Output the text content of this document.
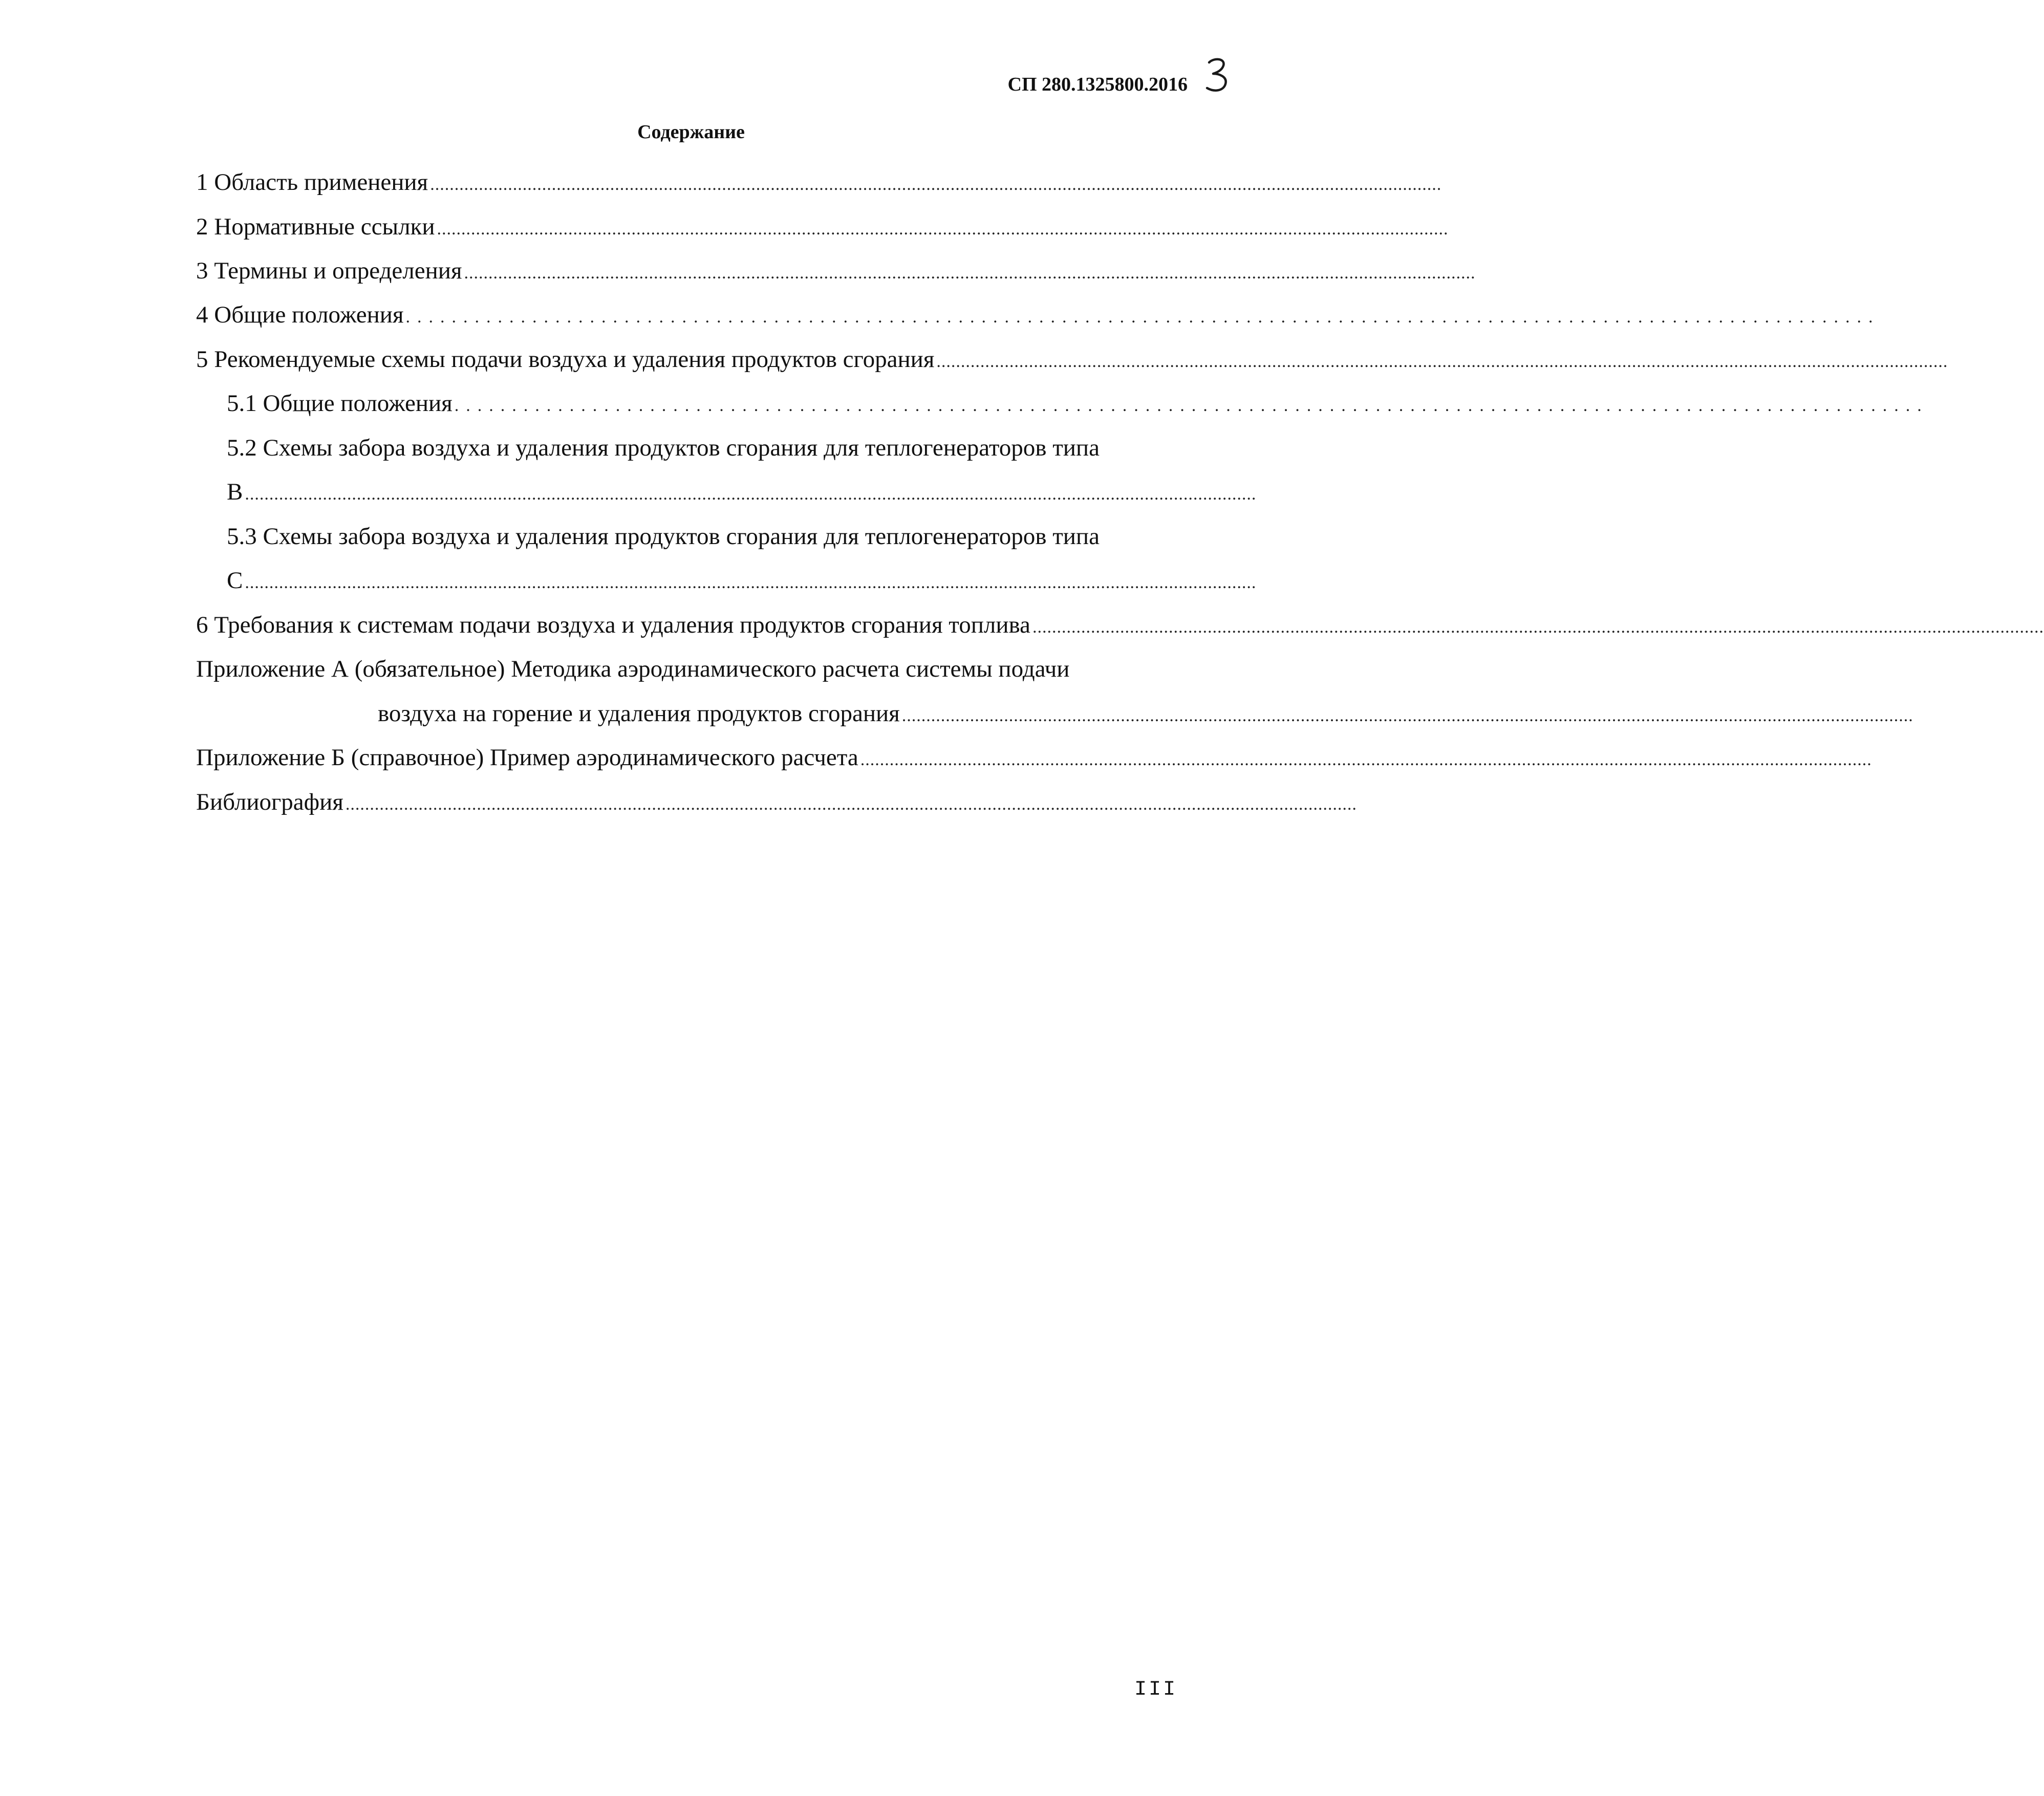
СП 280.1325800.2016
Содержание
1 Область применения ................................................................................................................................................................................................................
2 Нормативные ссылки ................................................................................................................................................................................................................
3 Термины и определения ................................................................................................................................................................................................................
4 Общие положения ................................................................................................................................
5 Рекомендуемые схемы подачи воздуха и удаления продуктов сгорания ................................................................................................................................................................................................................
5.1 Общие положения ................................................................................................................................
5.2 Схемы забора воздуха и удаления продуктов сгорания для теплогенераторов типа
В ................................................................................................................................................................................................................
5.3 Схемы забора воздуха и удаления продуктов сгорания для теплогенераторов типа
С ................................................................................................................................................................................................................
6 Требования к системам подачи воздуха и удаления продуктов сгорания топлива ................................................................................................................................................................................................................
Приложение А (обязательное) Методика аэродинамического расчета системы подачи
воздуха на горение и удаления продуктов сгорания ................................................................................................................................................................................................................
Приложение Б (справочное) Пример аэродинамического расчета ................................................................................................................................................................................................................
Библиография ................................................................................................................................................................................................................
III
